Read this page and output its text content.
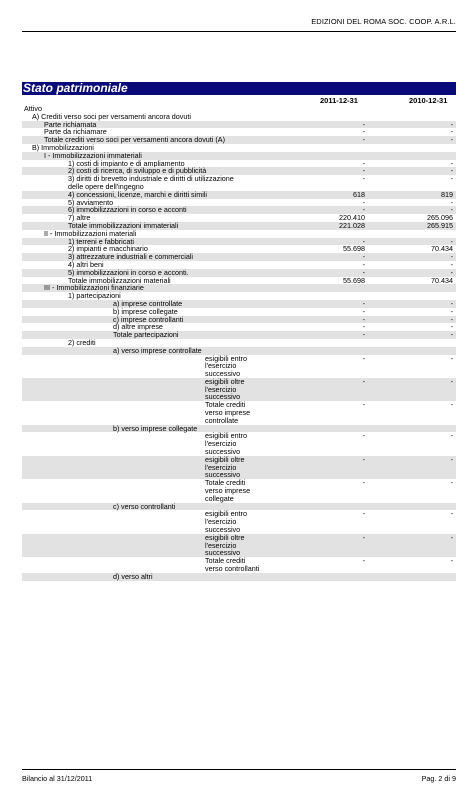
EDIZIONI DEL ROMA SOC. COOP. A.R.L.
Stato patrimoniale
2011-12-31	2010-12-31
Attivo
A) Crediti verso soci per versamenti ancora dovuti
Parte richiamata	-	-
Parte da richiamare	-	-
Totale crediti verso soci per versamenti ancora dovuti (A)	-	-
B) Immobilizzazioni
I - Immobilizzazioni immateriali
1) costi di impianto e di ampliamento	-	-
2) costi di ricerca, di sviluppo e di pubblicità	-	-
3) diritti di brevetto industriale e diritti di utilizzazione
delle opere dell'ingegno
-	-
4) concessioni, licenze, marchi e diritti simili	618	819
5) avviamento	-	-
6) immobilizzazioni in corso e acconti	-	-
7) altre	220.410	265.096
Totale immobilizzazioni immateriali	221.028	265.915
II - Immobilizzazioni materiali
1) terreni e fabbricati	-	-
2) impianti e macchinario	55.698	70.434
3) attrezzature industriali e commerciali	-	-
4) altri beni	-	-
5) immobilizzazioni in corso e acconti.	-	-
Totale immobilizzazioni materiali	55.698	70.434
III - Immobilizzazioni finanziarie
1) partecipazioni
a) imprese controllate	-	-
b) imprese collegate	-	-
c) imprese controllanti	-	-
d) altre imprese	-	-
Totale partecipazioni	-	-
2) crediti
a) verso imprese controllate
esigibili entro
l'esercizio
successivo
-	-
esigibili oltre
l'esercizio
successivo
-	-
Totale crediti
verso imprese
controllate
-	-
b) verso imprese collegate
esigibili entro
l'esercizio
successivo
-	-
esigibili oltre
l'esercizio
successivo
-	-
Totale crediti
verso imprese
collegate
-	-
c) verso controllanti
esigibili entro
l'esercizio
successivo
-	-
esigibili oltre
l'esercizio
successivo
-	-
Totale crediti
verso controllanti
-	-
d) verso altri
Bilancio al 31/12/2011	Pag. 2 di 9
